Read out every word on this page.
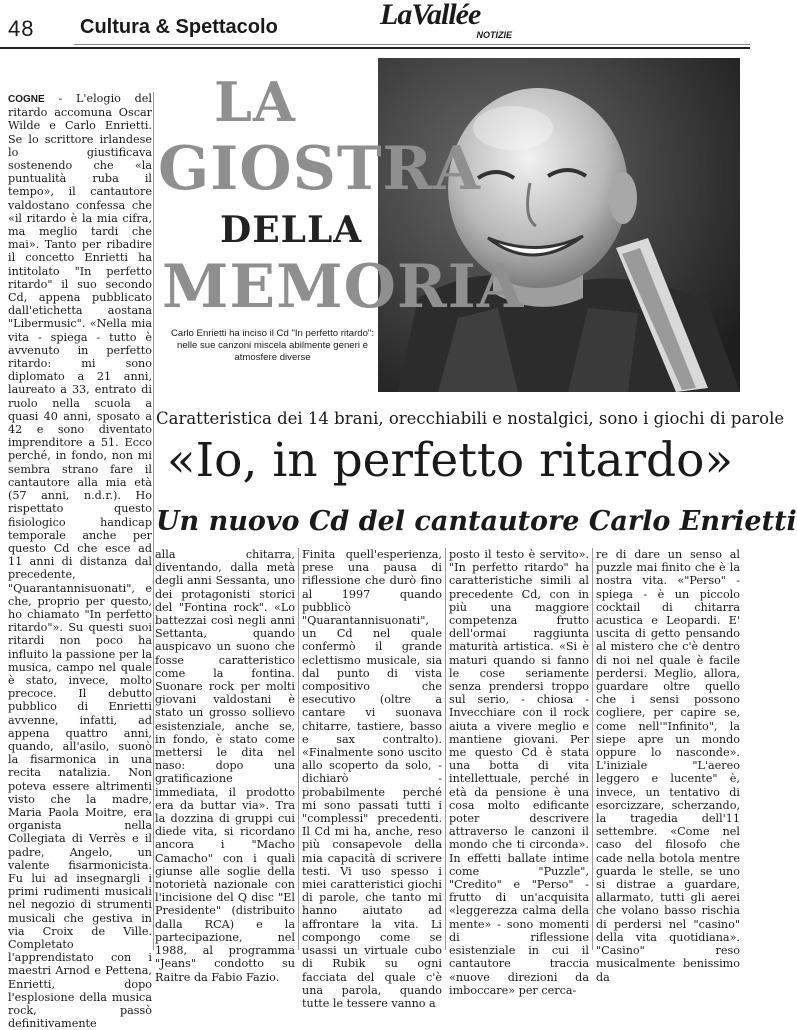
48 Cultura & Spettacolo	LaVallée
NOTIZIE
COGNE - L'elogio del ritardo accomuna Oscar Wilde e Carlo Enrietti. Se lo scrittore irlandese lo giustificava sostenendo che «la puntualità ruba il tempo», il cantautore valdostano confessa che «il ritardo è la mia cifra, ma meglio tardi che mai». Tanto per ribadire il concetto Enrietti ha intitolato "In perfetto ritardo" il suo secondo Cd, appena pubblicato dall'etichetta aostana "Libermusic". «Nella mia vita - spiega - tutto è avvenuto in perfetto ritardo: mi sono diplomato a 21 anni, laureato a 33, entrato di ruolo nella scuola a quasi 40 anni, sposato a 42 e sono diventato imprenditore a 51. Ecco perché, in fondo, non mi sembra strano fare il cantautore alla mia età (57 anni, n.d.r.). Ho rispettato questo fisiologico handicap temporale anche per questo Cd che esce ad 11 anni di distanza dal precedente, "Quarantannisuonati", e che, proprio per questo, ho chiamato "In perfetto ritardo"». Su questi suoi ritardi non poco ha influito la passione per la musica, campo nel quale è stato, invece, molto precoce. Il debutto pubblico di Enrietti avvenne, infatti, ad appena quattro anni, quando, all'asilo, suonò la fisarmonica in una recita natalizia. Non poteva essere altrimenti visto che la madre, Maria Paola Moitre, era organista nella Collegiata di Verrès e il padre, Angelo, un valente fisarmonicista. Fu lui ad insegnargli i primi rudimenti musicali nel negozio di strumenti musicali che gestiva in via Croix de Ville. Completato l'apprendistato con i maestri Arnod e Pettena, Enrietti, dopo l'esplosione della musica rock, passò definitivamente
LA
GIOSTRA
DELLA
MEMORIA
Carlo Enrietti ha inciso il Cd "In perfetto ritardo": nelle sue canzoni miscela abilmente generi e atmosfere diverse
Caratteristica dei 14 brani, orecchiabili e nostalgici, sono i giochi di parole
«Io, in perfetto ritardo»
Un nuovo Cd del cantautore Carlo Enrietti
alla chitarra, diventando, dalla metà degli anni Sessanta, uno dei protagonisti storici del "Fontina rock". «Lo battezzai così negli anni Settanta, quando auspicavo un suono che fosse caratteristico come la fontina. Suonare rock per molti giovani valdostani è stato un grosso sollievo esistenziale, anche se, in fondo, è stato come mettersi le dita nel naso: dopo una gratificazione immediata, il prodotto era da buttar via». Tra la dozzina di gruppi cui diede vita, si ricordano ancora i "Macho Camacho" con i quali giunse alle soglie della notorietà nazionale con l'incisione del Q disc "El Presidente" (distribuito dalla RCA) e la partecipazione, nel 1988, al programma "Jeans" condotto su Raitre da Fabio Fazio.
Finita quell'esperienza, prese una pausa di riflessione che durò fino al 1997 quando pubblicò "Quarantannisuonati", un Cd nel quale confermò il grande eclettismo musicale, sia dal punto di vista compositivo che esecutivo (oltre a cantare vi suonava chitarre, tastiere, basso e sax contralto). «Finalmente sono uscito allo scoperto da solo, - dichiarò - probabilmente perché mi sono passati tutti i "complessi" precedenti. Il Cd mi ha, anche, reso più consapevole della mia capacità di scrivere testi. Vi uso spesso i miei caratteristici giochi di parole, che tanto mi hanno aiutato ad affrontare la vita. Li compongo come se usassi un virtuale cubo di Rubik su ogni facciata del quale c'è una parola, quando tutte le tessere vanno a
posto il testo è servito». "In perfetto ritardo" ha caratteristiche simili al precedente Cd, con in più una maggiore competenza frutto dell'ormai raggiunta maturità artistica. «Si è maturi quando si fanno le cose seriamente senza prendersi troppo sul serio, - chiosa - Invecchiare con il rock aiuta a vivere meglio e mantiene giovani. Per me questo Cd è stata una botta di vita intellettuale, perché in età da pensione è una cosa molto edificante poter descrivere attraverso le canzoni il mondo che ti circonda». In effetti ballate intime come "Puzzle", "Credito" e "Perso" - frutto di un'acquisita «leggerezza calma della mente» - sono momenti di riflessione esistenziale in cui il cantautore traccia «nuove direzioni da imboccare» per cerca-
re di dare un senso al puzzle mai finito che è la nostra vita. «"Perso" - spiega - è un piccolo cocktail di chitarra acustica e Leopardi. E' uscita di getto pensando al mistero che c'è dentro di noi nel quale è facile perdersi. Meglio, allora, guardare oltre quello che i sensi possono cogliere, per capire se, come nell'"Infinito", la siepe apre un mondo oppure lo nasconde». L'iniziale "L'aereo leggero e lucente" è, invece, un tentativo di esorcizzare, scherzando, la tragedia dell'11 settembre. «Come nel caso del filosofo che cade nella botola mentre guarda le stelle, se uno si distrae a guardare, allarmato, tutti gli aerei che volano basso rischia di perdersi nel "casino" della vita quotidiana». "Casino" reso musicalmente benissimo da
